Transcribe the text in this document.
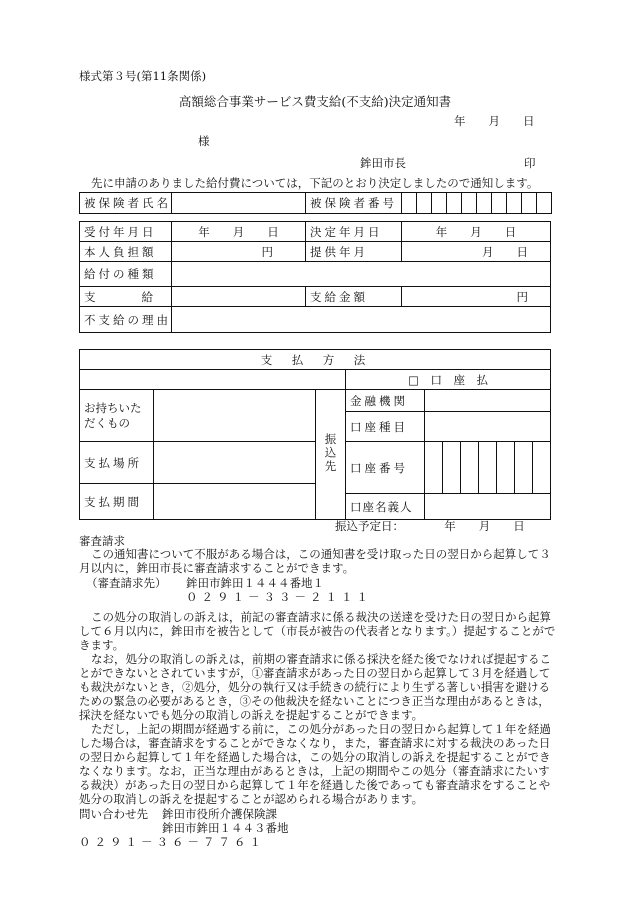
様式第３号(第11条関係)
高額総合事業サービス費支給(不支給)決定通知書
年　　月　　日
様
鉾田市長	印
先に申請のありました給付費については，下記のとおり決定しましたので通知します。
被保険者氏名		被保険者番号										
受付年月日	年　　月　　日	決定年月日	年　　月　　日
本人負担額	円	提供年月	月　　日
給付の種類			
支　　　　給		支給金額	円
不支給の理由			
支　払　方　法										
			□　口　座　払							
お持ちいただくもの		振込先	金融機関							
			口座種目							
支払場所			口座番号							
支払期間										
			口座名義人							
振込予定日：　　　　年　　月　　日
審査請求
この通知書について不服がある場合は，この通知書を受け取った日の翌日から起算して３月以内に，鉾田市長に審査請求することができます。
（審査請求先） 鉾田市鉾田１４４４番地１
０２９１－３３－２１１１
この処分の取消しの訴えは，前記の審査請求に係る裁決の送達を受けた日の翌日から起算して６月以内に，鉾田市を被告として（市長が被告の代表者となります。）提起することができます。
なお，処分の取消しの訴えは，前期の審査請求に係る採決を経た後でなければ提起することができないとされていますが，①審査請求があった日の翌日から起算して３月を経過しても裁決がないとき，②処分，処分の執行又は手続きの続行により生ずる著しい損害を避けるための緊急の必要があるとき，③その他裁決を経ないことにつき正当な理由があるときは，採決を経ないでも処分の取消しの訴えを提起することができます。
ただし，上記の期間が経過する前に，この処分があった日の翌日から起算して１年を経過した場合は，審査請求をすることができなくなり，また，審査請求に対する裁決のあった日の翌日から起算して１年を経過した場合は，この処分の取消しの訴えを提起することができなくなります。なお，正当な理由があるときは，上記の期間やこの処分（審査請求にたいする裁決）があった日の翌日から起算して１年を経過した後であっても審査請求をすることや処分の取消しの訴えを提起することが認められる場合があります。
問い合わせ先 鉾田市役所介護保険課
鉾田市鉾田１４４３番地
０２９１－３６－７７６１
